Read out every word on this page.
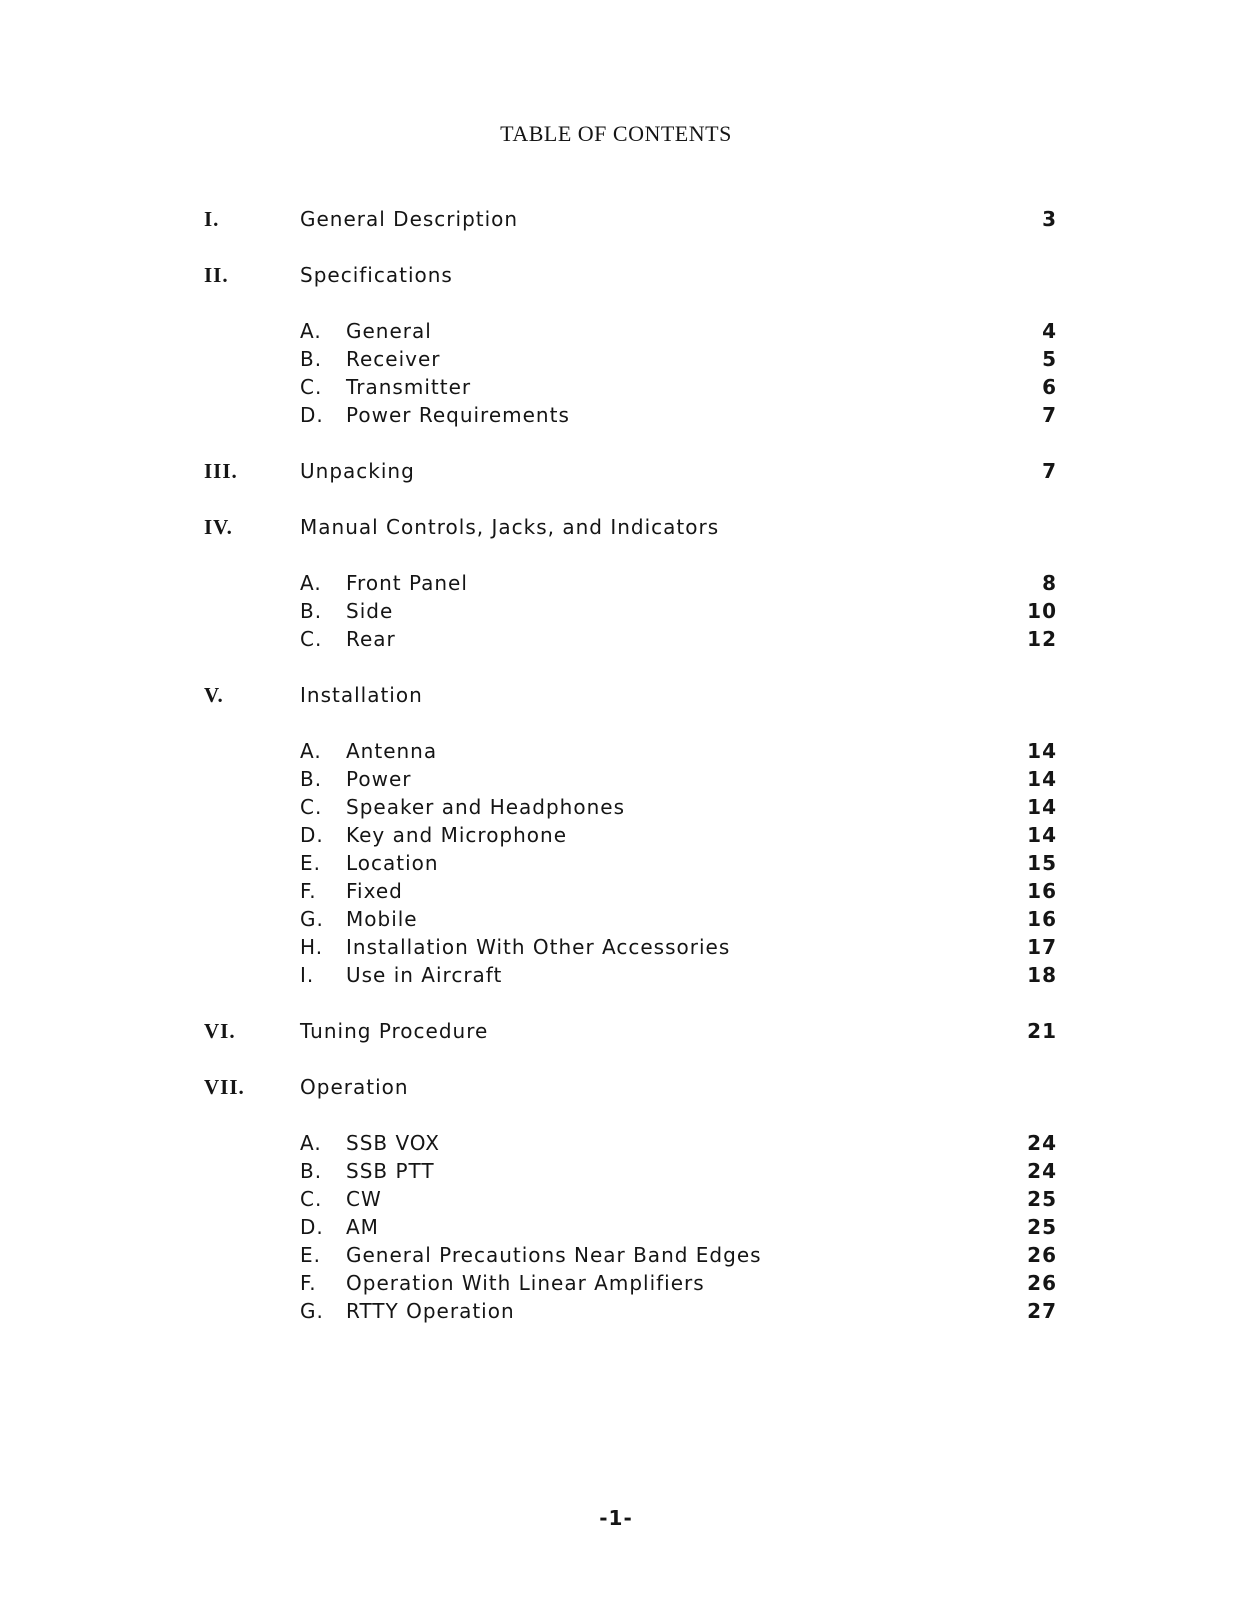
TABLE OF CONTENTS
I.	General Description	3
II.	Specifications
A. General	4
B. Receiver	5
C. Transmitter	6
D. Power Requirements	7
III.	Unpacking	7
IV.	Manual Controls, Jacks, and Indicators
A. Front Panel	8
B. Side	10
C. Rear	12
V.	Installation
A. Antenna	14
B. Power	14
C. Speaker and Headphones	14
D. Key and Microphone	14
E. Location	15
F. Fixed	16
G. Mobile	16
H. Installation With Other Accessories	17
I. Use in Aircraft	18
VI.	Tuning Procedure	21
VII.	Operation
A. SSB VOX	24
B. SSB PTT	24
C. CW	25
D. AM	25
E. General Precautions Near Band Edges	26
F. Operation With Linear Amplifiers	26
G. RTTY Operation	27
-1-
